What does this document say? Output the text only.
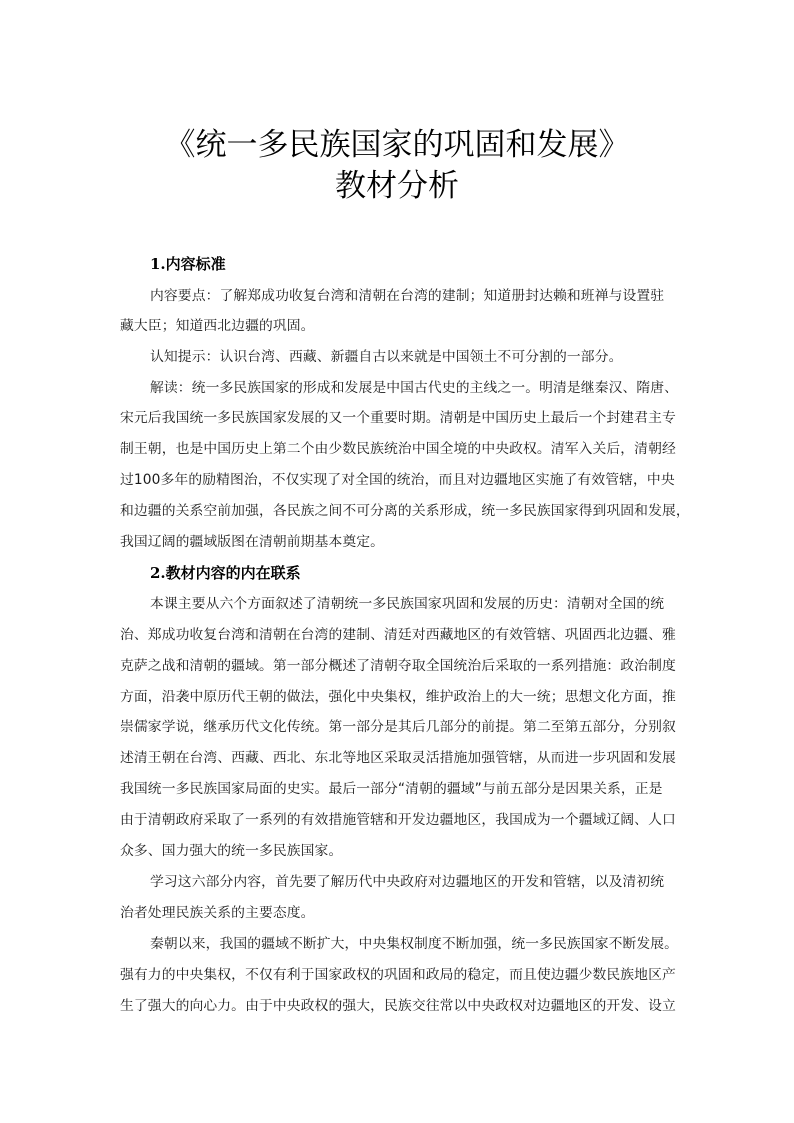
《统一多民族国家的巩固和发展》
教材分析
1.内容标准
内容要点：了解郑成功收复台湾和清朝在台湾的建制；知道册封达赖和班禅与设置驻
藏大臣；知道西北边疆的巩固。
认知提示：认识台湾、西藏、新疆自古以来就是中国领土不可分割的一部分。
解读：统一多民族国家的形成和发展是中国古代史的主线之一。明清是继秦汉、隋唐、
宋元后我国统一多民族国家发展的又一个重要时期。清朝是中国历史上最后一个封建君主专
制王朝，也是中国历史上第二个由少数民族统治中国全境的中央政权。清军入关后，清朝经
过100多年的励精图治，不仅实现了对全国的统治，而且对边疆地区实施了有效管辖，中央
和边疆的关系空前加强，各民族之间不可分离的关系形成，统一多民族国家得到巩固和发展，
我国辽阔的疆域版图在清朝前期基本奠定。
2.教材内容的内在联系
本课主要从六个方面叙述了清朝统一多民族国家巩固和发展的历史：清朝对全国的统
治、郑成功收复台湾和清朝在台湾的建制、清廷对西藏地区的有效管辖、巩固西北边疆、雅
克萨之战和清朝的疆域。第一部分概述了清朝夺取全国统治后采取的一系列措施：政治制度
方面，沿袭中原历代王朝的做法，强化中央集权，维护政治上的大一统；思想文化方面，推
崇儒家学说，继承历代文化传统。第一部分是其后几部分的前提。第二至第五部分，分别叙
述清王朝在台湾、西藏、西北、东北等地区采取灵活措施加强管辖，从而进一步巩固和发展
我国统一多民族国家局面的史实。最后一部分“清朝的疆域”与前五部分是因果关系，正是
由于清朝政府采取了一系列的有效措施管辖和开发边疆地区，我国成为一个疆域辽阔、人口
众多、国力强大的统一多民族国家。
学习这六部分内容，首先要了解历代中央政府对边疆地区的开发和管辖，以及清初统
治者处理民族关系的主要态度。
秦朝以来，我国的疆域不断扩大，中央集权制度不断加强，统一多民族国家不断发展。
强有力的中央集权，不仅有利于国家政权的巩固和政局的稳定，而且使边疆少数民族地区产
生了强大的向心力。由于中央政权的强大，民族交往常以中央政权对边疆地区的开发、设立
